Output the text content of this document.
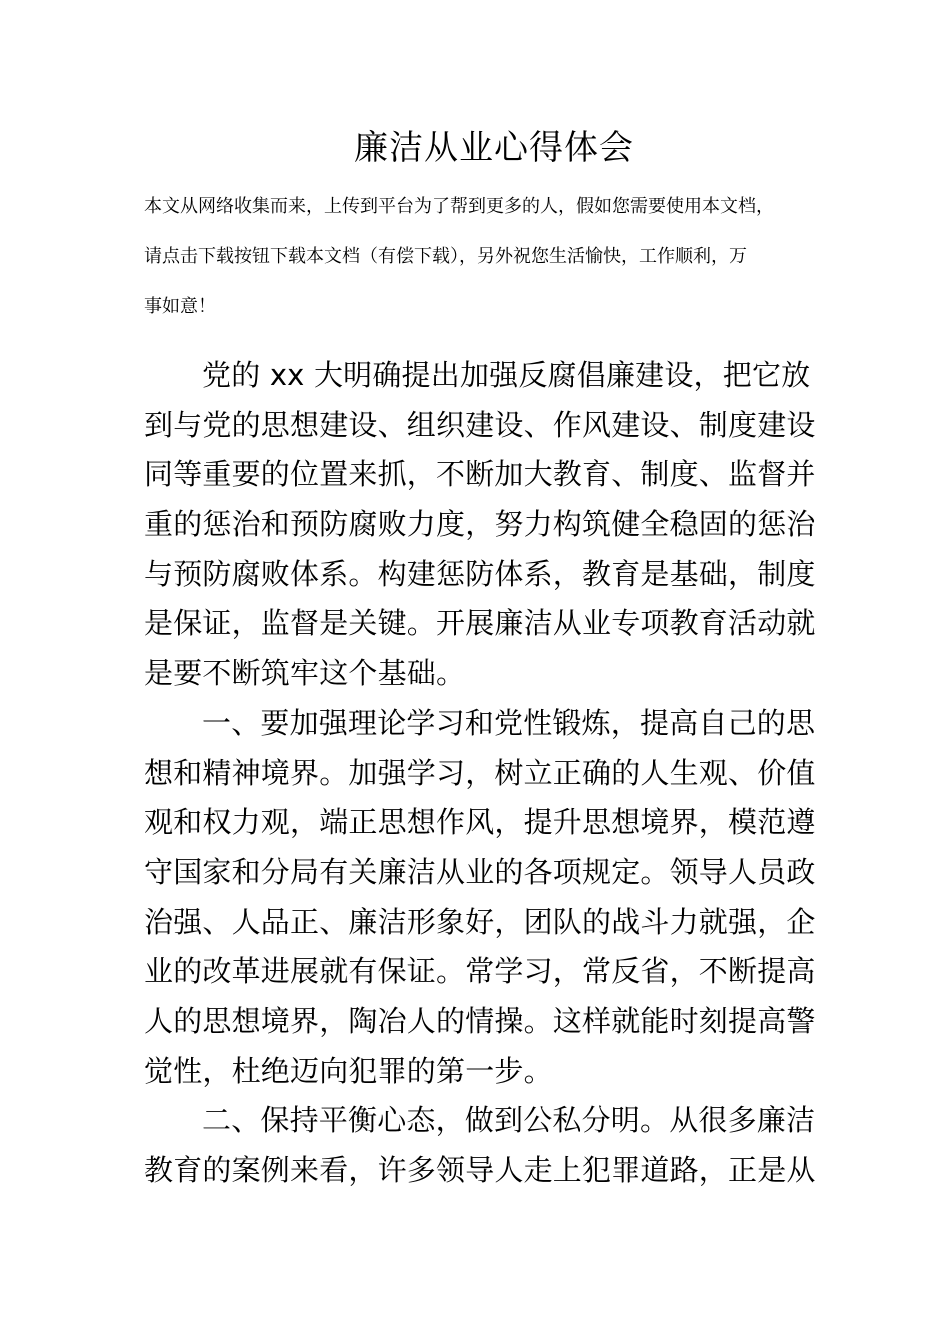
廉洁从业心得体会

本文从网络收集而来，上传到平台为了帮到更多的人，假如您需要使用本文档，
请点击下载按钮下载本文档（有偿下载），另外祝您生活愉快，工作顺利，万
事如意！

党的 xx 大明确提出加强反腐倡廉建设，把它放
到与党的思想建设、组织建设、作风建设、制度建设
同等重要的位置来抓，不断加大教育、制度、监督并
重的惩治和预防腐败力度，努力构筑健全稳固的惩治
与预防腐败体系。构建惩防体系，教育是基础，制度
是保证，监督是关键。开展廉洁从业专项教育活动就
是要不断筑牢这个基础。
一、要加强理论学习和党性锻炼，提高自己的思
想和精神境界。加强学习，树立正确的人生观、价值
观和权力观，端正思想作风，提升思想境界，模范遵
守国家和分局有关廉洁从业的各项规定。领导人员政
治强、人品正、廉洁形象好，团队的战斗力就强，企
业的改革进展就有保证。常学习，常反省，不断提高
人的思想境界，陶冶人的情操。这样就能时刻提高警
觉性，杜绝迈向犯罪的第一步。
二、保持平衡心态，做到公私分明。从很多廉洁
教育的案例来看，许多领导人走上犯罪道路，正是从
